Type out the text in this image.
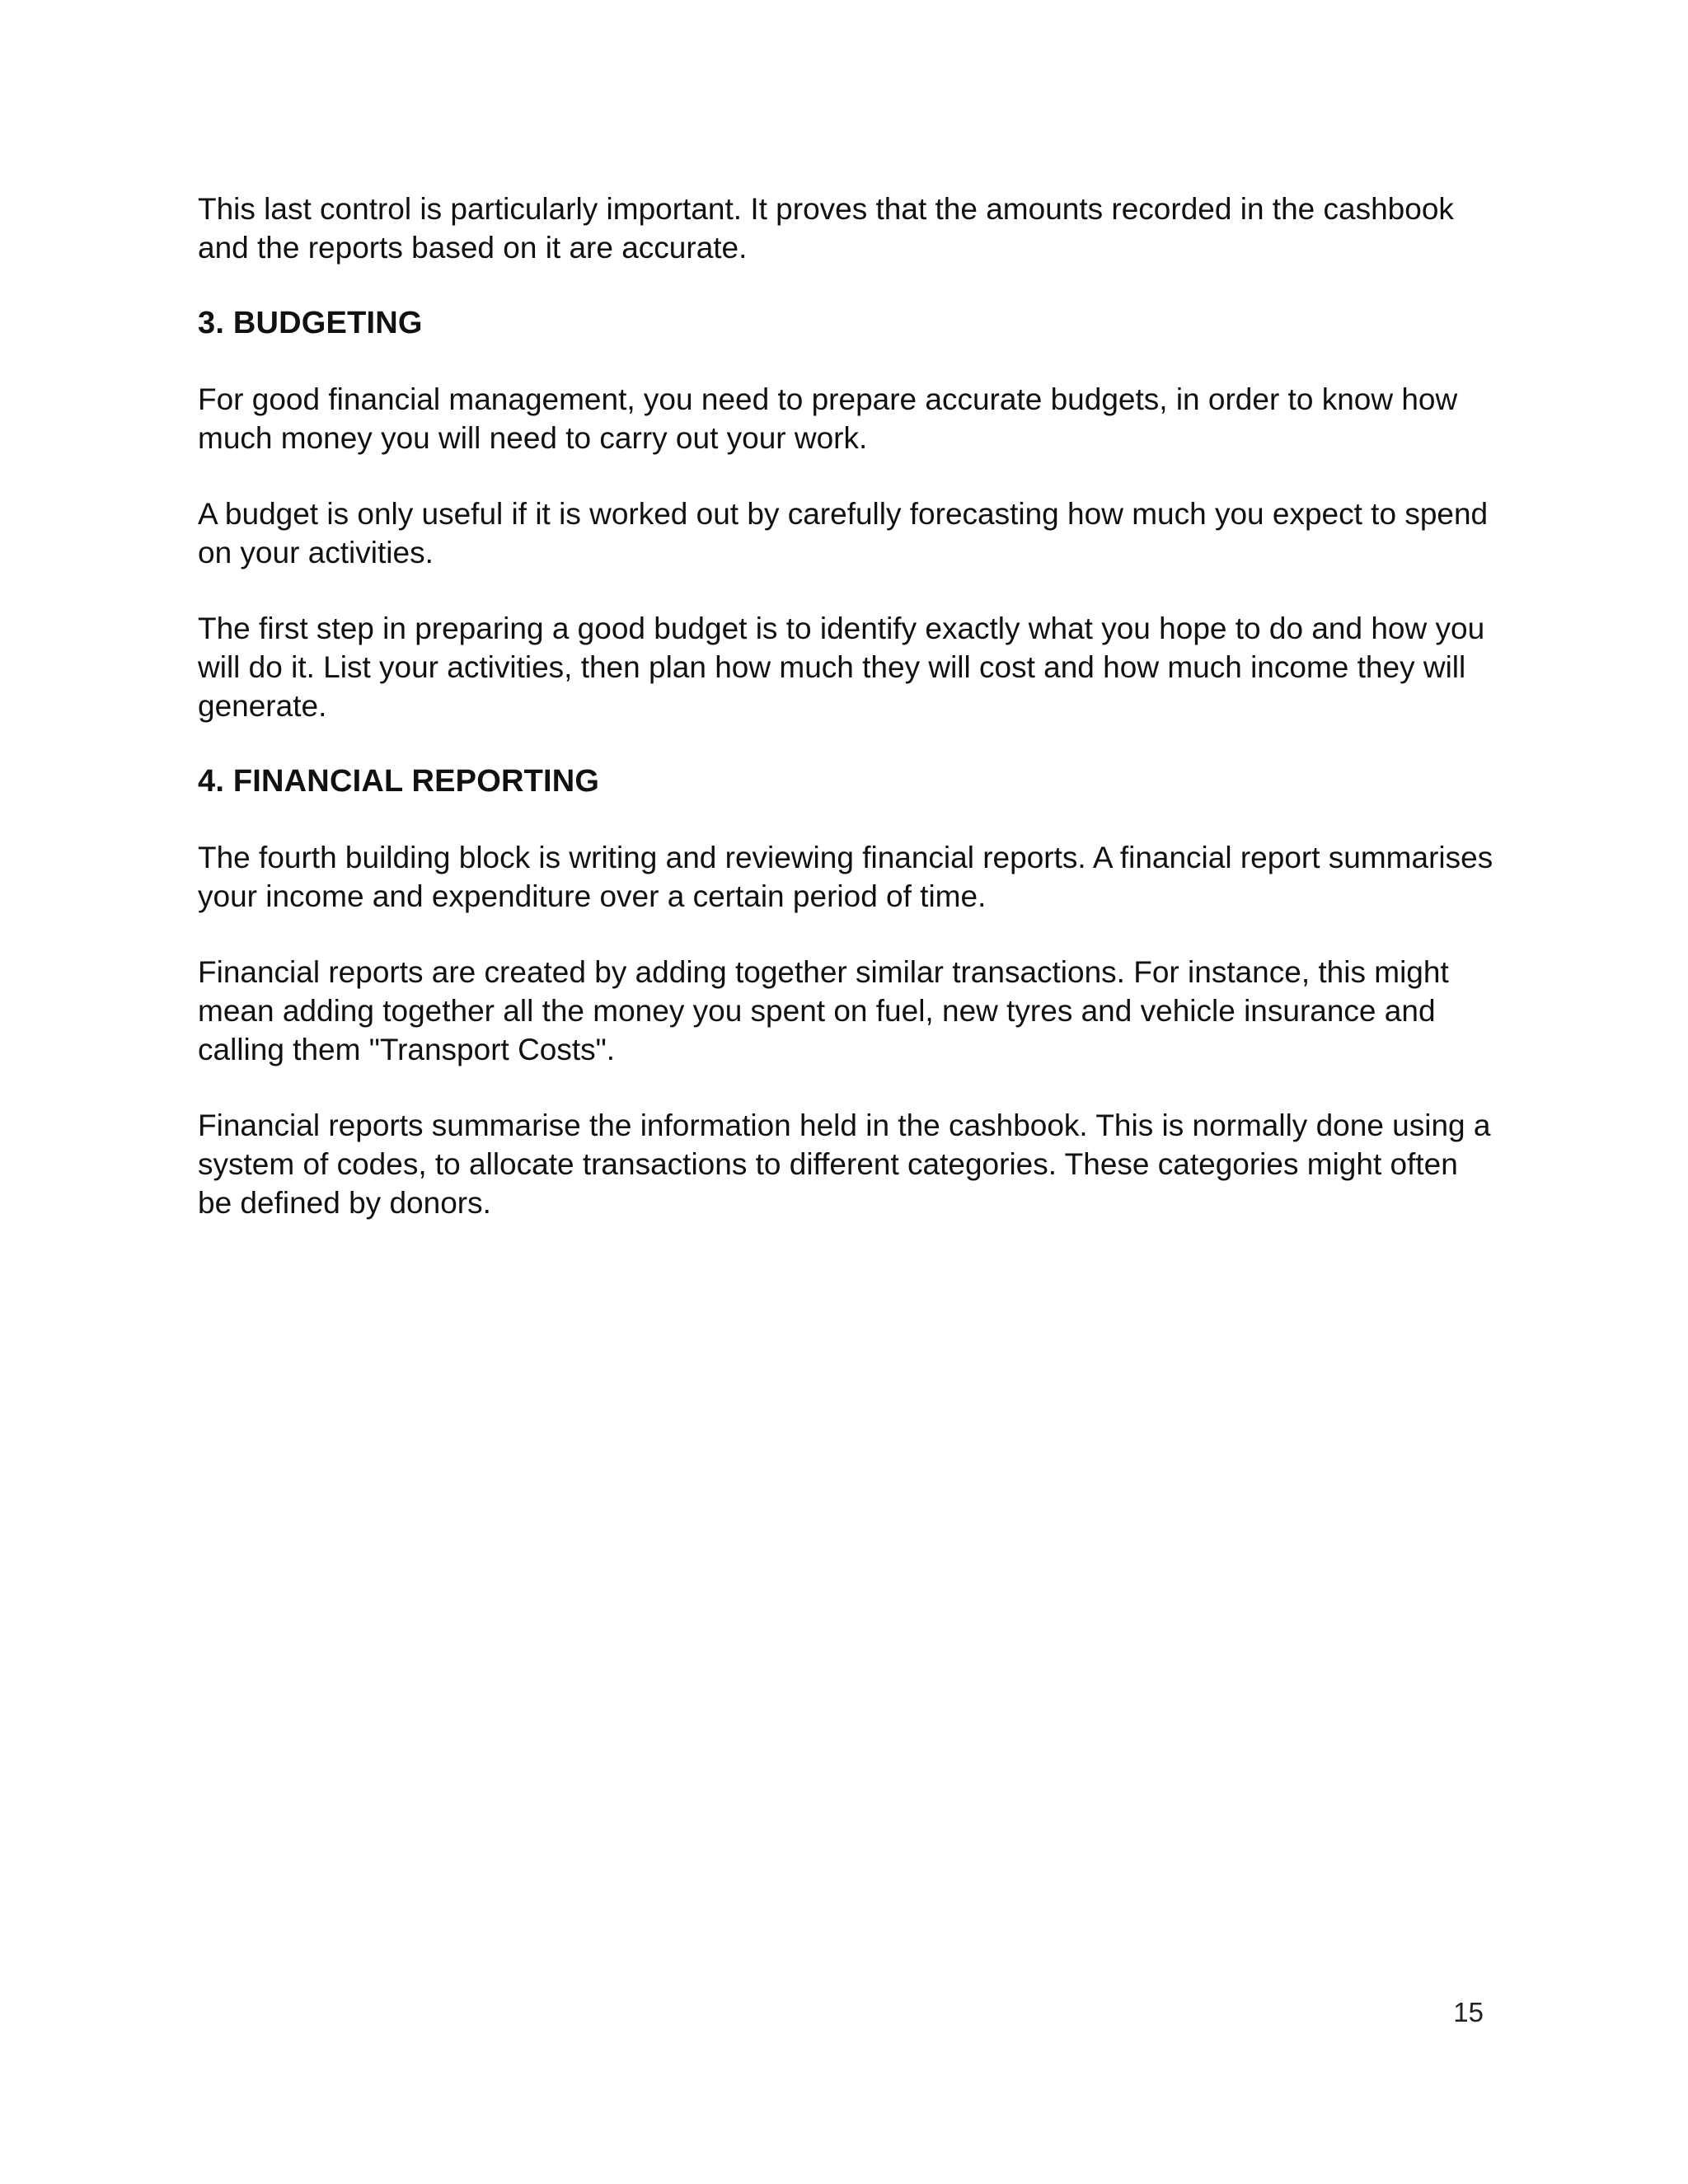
This last control is particularly important. It proves that the amounts recorded in the cashbook and the reports based on it are accurate.

3. BUDGETING

For good financial management, you need to prepare accurate budgets, in order to know how much money you will need to carry out your work.

A budget is only useful if it is worked out by carefully forecasting how much you expect to spend on your activities.

The first step in preparing a good budget is to identify exactly what you hope to do and how you will do it. List your activities, then plan how much they will cost and how much income they will generate.

4. FINANCIAL REPORTING

The fourth building block is writing and reviewing financial reports. A financial report summarises your income and expenditure over a certain period of time.

Financial reports are created by adding together similar transactions. For instance, this might mean adding together all the money you spent on fuel, new tyres and vehicle insurance and calling them "Transport Costs".

Financial reports summarise the information held in the cashbook. This is normally done using a system of codes, to allocate transactions to different categories. These categories might often be defined by donors.

15
